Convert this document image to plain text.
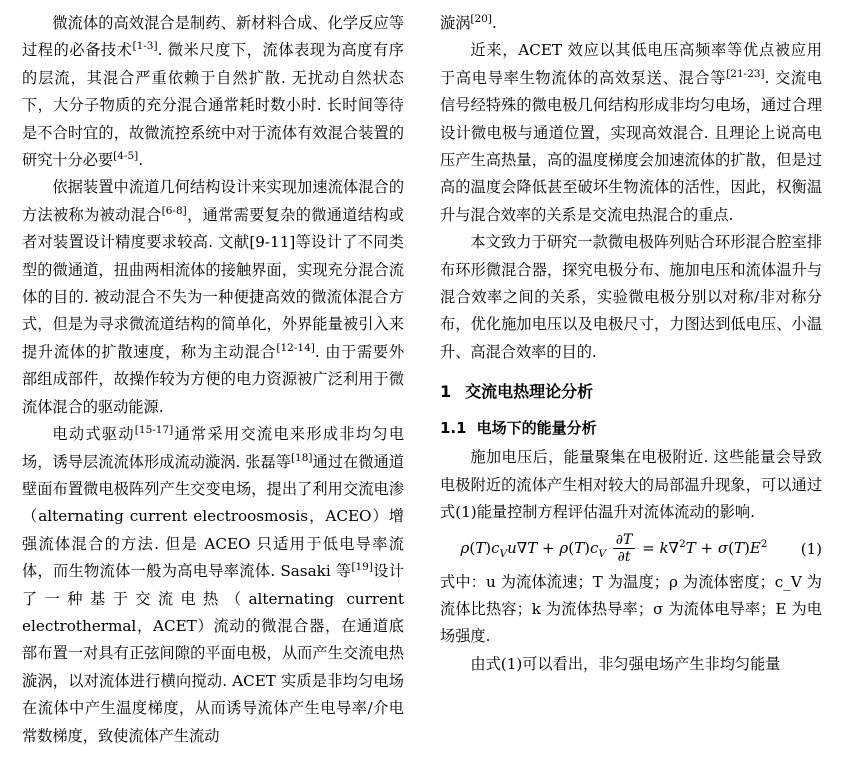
微流体的高效混合是制药、新材料合成、化学反应等过程的必备技术[1-3]. 微米尺度下，流体表现为高度有序的层流，其混合严重依赖于自然扩散. 无扰动自然状态下，大分子物质的充分混合通常耗时数小时. 长时间等待是不合时宜的，故微流控系统中对于流体有效混合装置的研究十分必要[4-5].

依据装置中流道几何结构设计来实现加速流体混合的方法被称为被动混合[6-8]，通常需要复杂的微通道结构或者对装置设计精度要求较高. 文献[9-11]等设计了不同类型的微通道，扭曲两相流体的接触界面，实现充分混合流体的目的. 被动混合不失为一种便捷高效的微流体混合方式，但是为寻求微流道结构的简单化，外界能量被引入来提升流体的扩散速度，称为主动混合[12-14]. 由于需要外部组成部件，故操作较为方便的电力资源被广泛利用于微流体混合的驱动能源.

电动式驱动[15-17]通常采用交流电来形成非均匀电场，诱导层流流体形成流动漩涡. 张磊等[18]通过在微通道壁面布置微电极阵列产生交变电场，提出了利用交流电渗（alternating current electroosmosis，ACEO）增强流体混合的方法. 但是 ACEO 只适用于低电导率流体，而生物流体一般为高电导率流体. Sasaki 等[19]设计了一种基于交流电热（alternating current electrothermal，ACET）流动的微混合器，在通道底部布置一对具有正弦间隙的平面电极，从而产生交流电热漩涡，以对流体进行横向搅动. ACET 实质是非均匀电场在流体中产生温度梯度，从而诱导流体产生电导率/介电常数梯度，致使流体产生流动

漩涡[20].

近来，ACET 效应以其低电压高频率等优点被应用于高电导率生物流体的高效泵送、混合等[21-23]. 交流电信号经特殊的微电极几何结构形成非均匀电场，通过合理设计微电极与通道位置，实现高效混合. 且理论上说高电压产生高热量，高的温度梯度会加速流体的扩散，但是过高的温度会降低甚至破坏生物流体的活性，因此，权衡温升与混合效率的关系是交流电热混合的重点.

本文致力于研究一款微电极阵列贴合环形混合腔室排布环形微混合器，探究电极分布、施加电压和流体温升与混合效率之间的关系，实验微电极分别以对称/非对称分布，优化施加电压以及电极尺寸，力图达到低电压、小温升、高混合效率的目的.

1 交流电热理论分析
1.1 电场下的能量分析

施加电压后，能量聚集在电极附近. 这些能量会导致电极附近的流体产生相对较大的局部温升现象，可以通过式(1)能量控制方程评估温升对流体流动的影响.

$\rho(T)c_Vu\nabla T + \rho(T)c_V \frac{\partial T}{\partial t} = k\nabla^2T + \sigma(T)E^2$	(1)

式中：u 为流体流速；T 为温度；ρ 为流体密度；c_V 为流体比热容；k 为流体热导率；σ 为流体电导率；E 为电场强度.

由式(1)可以看出，非匀强电场产生非均匀能量
